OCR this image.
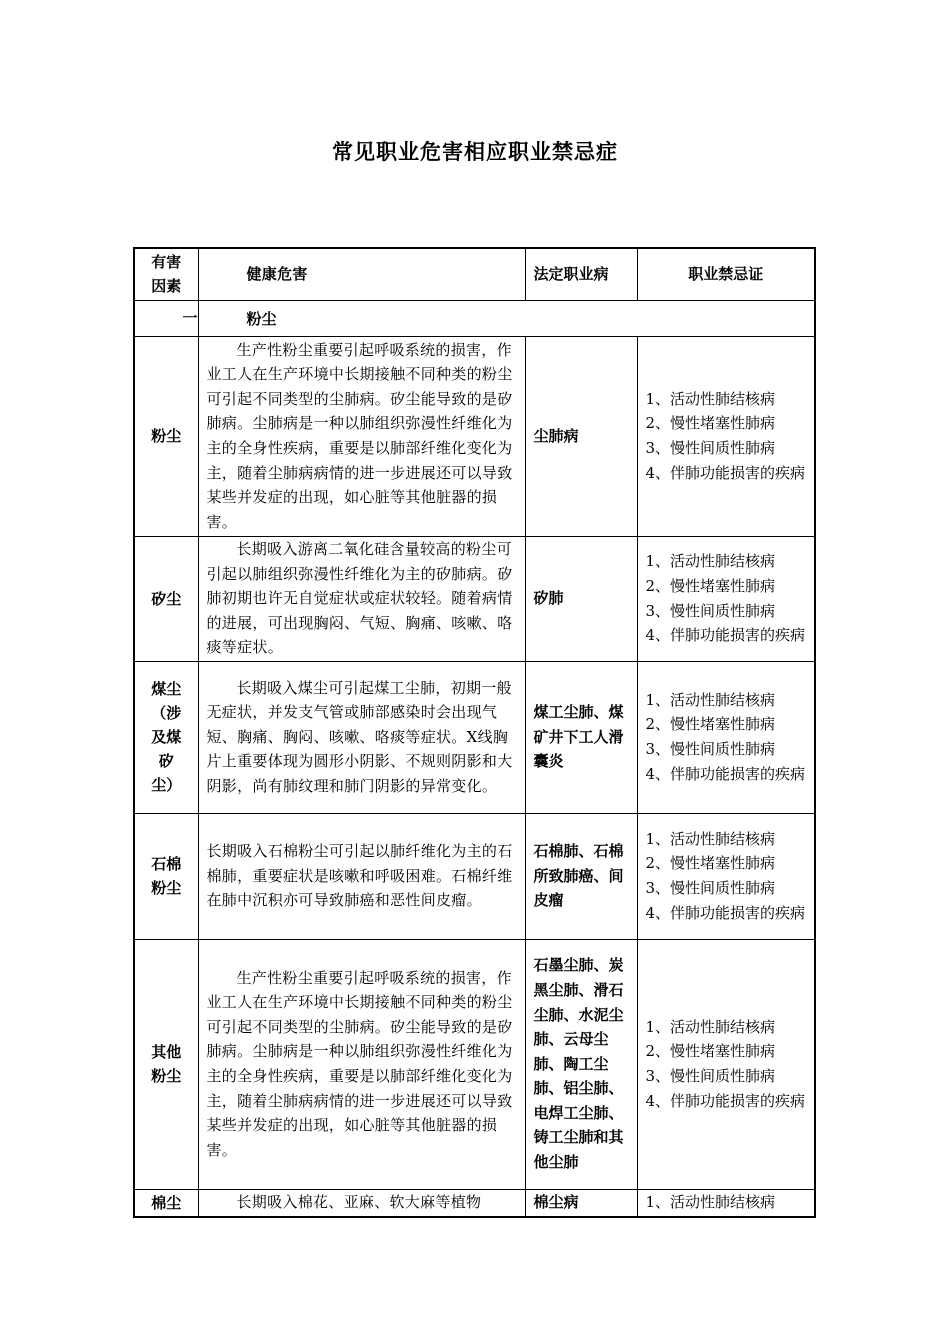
常见职业危害相应职业禁忌症
有害因素	健康危害	法定职业病	职业禁忌证
一	粉尘		
粉尘	生产性粉尘重要引起呼吸系统的损害，作业工人在生产环境中长期接触不同种类的粉尘可引起不同类型的尘肺病。矽尘能导致的是矽肺病。尘肺病是一种以肺组织弥漫性纤维化为主的全身性疾病，重要是以肺部纤维化变化为主，随着尘肺病病情的进一步进展还可以导致某些并发症的出现，如心脏等其他脏器的损害。	尘肺病	1、活动性肺结核病
2、慢性堵塞性肺病
3、慢性间质性肺病
4、伴肺功能损害的疾病

矽尘	长期吸入游离二氧化硅含量较高的粉尘可引起以肺组织弥漫性纤维化为主的矽肺病。矽肺初期也许无自觉症状或症状较轻。随着病情的进展，可出现胸闷、气短、胸痛、咳嗽、咯痰等症状。	矽肺	1、活动性肺结核病
2、慢性堵塞性肺病
3、慢性间质性肺病
4、伴肺功能损害的疾病

煤尘（涉及煤矽尘）	长期吸入煤尘可引起煤工尘肺，初期一般无症状，并发支气管或肺部感染时会出现气短、胸痛、胸闷、咳嗽、咯痰等症状。X线胸片上重要体现为圆形小阴影、不规则阴影和大阴影，尚有肺纹理和肺门阴影的异常变化。	煤工尘肺、煤矿井下工人滑囊炎	1、活动性肺结核病
2、慢性堵塞性肺病
3、慢性间质性肺病
4、伴肺功能损害的疾病

石棉粉尘	长期吸入石棉粉尘可引起以肺纤维化为主的石棉肺，重要症状是咳嗽和呼吸困难。石棉纤维在肺中沉积亦可导致肺癌和恶性间皮瘤。	石棉肺、石棉所致肺癌、间皮瘤	1、活动性肺结核病
2、慢性堵塞性肺病
3、慢性间质性肺病
4、伴肺功能损害的疾病

其他粉尘	生产性粉尘重要引起呼吸系统的损害，作业工人在生产环境中长期接触不同种类的粉尘可引起不同类型的尘肺病。矽尘能导致的是矽肺病。尘肺病是一种以肺组织弥漫性纤维化为主的全身性疾病，重要是以肺部纤维化变化为主，随着尘肺病病情的进一步进展还可以导致某些并发症的出现，如心脏等其他脏器的损害。	石墨尘肺、炭黑尘肺、滑石尘肺、水泥尘肺、云母尘肺、陶工尘肺、铝尘肺、电焊工尘肺、铸工尘肺和其他尘肺	1、活动性肺结核病
2、慢性堵塞性肺病
3、慢性间质性肺病
4、伴肺功能损害的疾病

棉尘	长期吸入棉花、亚麻、软大麻等植物	棉尘病	1、活动性肺结核病
